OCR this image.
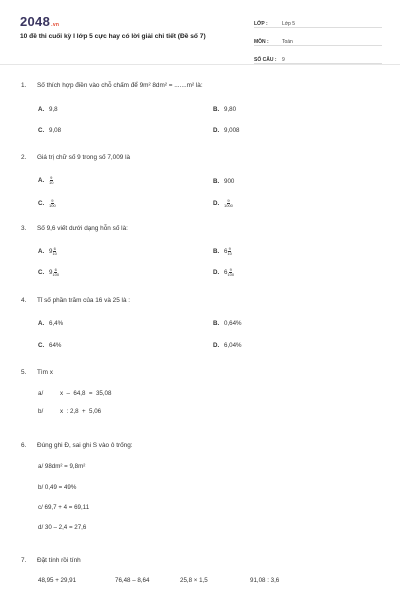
2048.vn
10 đề thi cuối kỳ I lớp 5 cực hay có lời giải chi tiết (Đề số 7)
LỚP :	Lớp 5
MÔN :	Toán
SỐ CÂU :	9
1. Số thích hợp điền vào chỗ chấm để 9m² 8dm² = .......m² là:
A. 9,8	B. 9,80
C. 9,08	D. 9,008
2. Giá trị chữ số 9 trong số 7,009 là
A. $\frac{9}{10}$	B. 900
C. $\frac{9}{100}$	D. $\frac{9}{1000}$
3. Số 9,6 viết dưới dạng hỗn số là:
A. $9 \frac{6}{10}$	B. $6 \frac{9}{10}$
C. $9 \frac{6}{100}$	D. $6 \frac{9}{100}$
4. Tỉ số phần trăm của 16 và 25 là :
A. 6,4%	B. 0,64%
C. 64%	D. 6,04%
5. Tìm x
a/	x  –  64,8  =  35,08
b/	x  : 2,8  +  5,06
6. Đúng ghi Đ, sai ghi S vào ô trống:
a/ 98dm² = 9,8m²
b/ 0,49 = 49%
c/ 69,7 + 4 = 69,11
d/ 30 – 2,4 = 27,6
7. Đặt tính rồi tính
48,95 + 29,91	76,48 – 8,64	25,8 × 1,5	91,08 : 3,6
